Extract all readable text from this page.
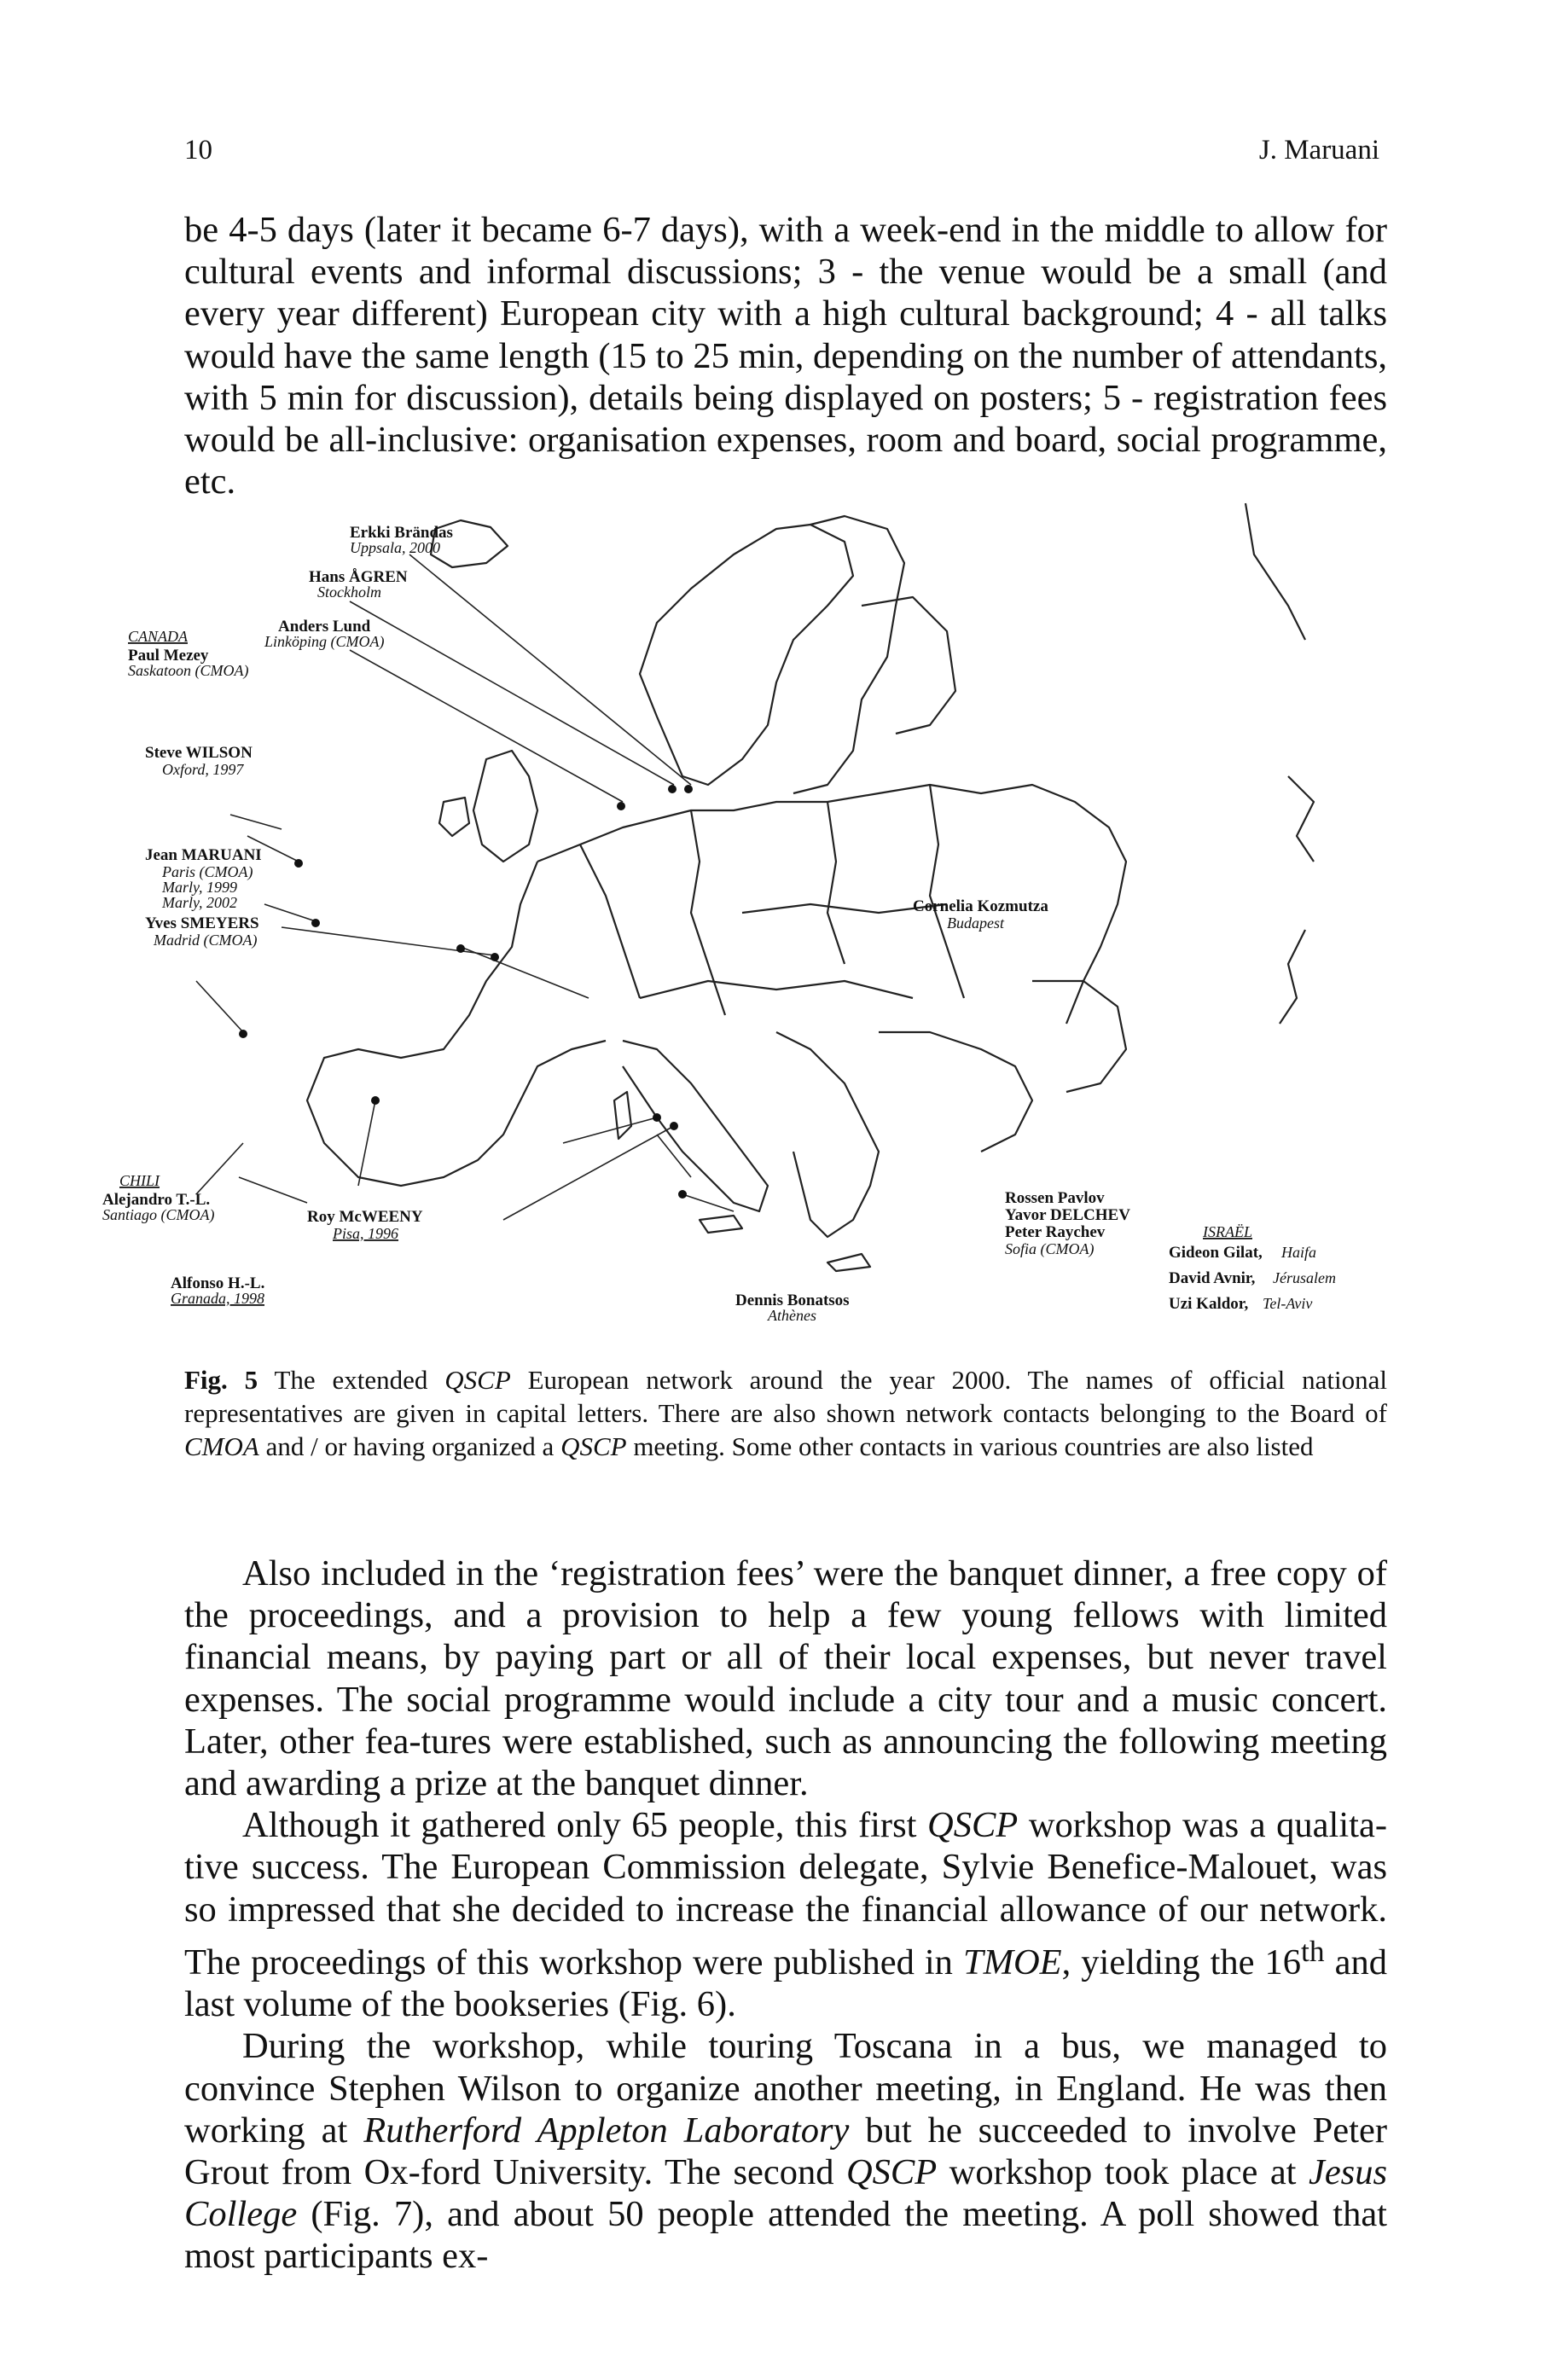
10	J. Maruani

be 4-5 days (later it became 6-7 days), with a week-end in the middle to allow for cultural events and informal discussions; 3 - the venue would be a small (and every year different) European city with a high cultural background; 4 - all talks would have the same length (15 to 25 min, depending on the number of attendants, with 5 min for discussion), details being displayed on posters; 5 - registration fees would be all-inclusive: organisation expenses, room and board, social programme, etc.

Erkki Brändas
Uppsala, 2000
Hans ÅGREN
Stockholm
Anders Lund
Linköping (CMOA)
CANADA
Paul Mezey
Saskatoon (CMOA)
Steve WILSON
Oxford, 1997
Jean MARUANI
Paris (CMOA)
Marly, 1999
Marly, 2002
Yves SMEYERS
Madrid (CMOA)
Cornelia Kozmutza
Budapest
CHILI
Alejandro T.-L.
Santiago (CMOA)
Alfonso H.-L.
Granada, 1998
Roy McWEENY
Pisa, 1996
Dennis Bonatsos
Athènes
Rossen Pavlov
Yavor DELCHEV
Peter Raychev
Sofia (CMOA)
ISRAËL
Gideon Gilat, Haifa
David Avnir, Jérusalem
Uzi Kaldor, Tel-Aviv
Fig. 5 The extended QSCP European network around the year 2000. The names of official national representatives are given in capital letters. There are also shown network contacts belonging to the Board of CMOA and / or having organized a QSCP meeting. Some other contacts in various countries are also listed

Also included in the ‘registration fees’ were the banquet dinner, a free copy of the proceedings, and a provision to help a few young fellows with limited financial means, by paying part or all of their local expenses, but never travel expenses. The social programme would include a city tour and a music concert. Later, other fea-tures were established, such as announcing the following meeting and awarding a prize at the banquet dinner.

Although it gathered only 65 people, this first QSCP workshop was a qualita-tive success. The European Commission delegate, Sylvie Benefice-Malouet, was so impressed that she decided to increase the financial allowance of our network. The proceedings of this workshop were published in TMOE, yielding the 16th and last volume of the bookseries (Fig. 6).

During the workshop, while touring Toscana in a bus, we managed to convince Stephen Wilson to organize another meeting, in England. He was then working at Rutherford Appleton Laboratory but he succeeded to involve Peter Grout from Ox-ford University. The second QSCP workshop took place at Jesus College (Fig. 7), and about 50 people attended the meeting. A poll showed that most participants ex-
